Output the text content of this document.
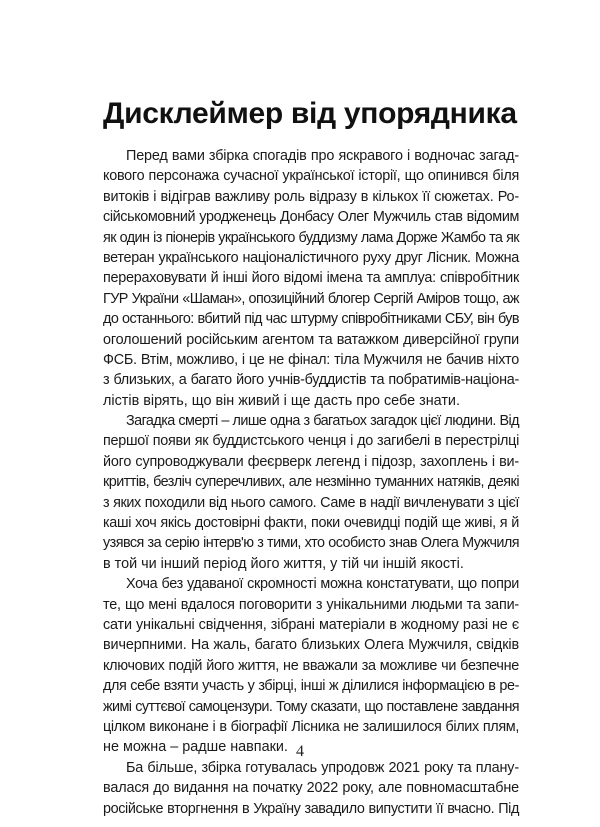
Дисклеймер від упорядника
Перед вами збірка спогадів про яскравого і водночас загад-
кового персонажа сучасної української історії, що опинився біля
витоків і відіграв важливу роль відразу в кількох її сюжетах. Ро-
сійськомовний уродженець Донбасу Олег Мужчиль став відомим
як один із піонерів українського буддизму лама Дорже Жамбо та як
ветеран українського націоналістичного руху друг Лісник. Можна
перераховувати й інші його відомі імена та амплуа: співробітник
ГУР України «Шаман», опозиційний блогер Сергій Аміров тощо, аж
до останнього: вбитий під час штурму співробітниками СБУ, він був
оголошений російським агентом та ватажком диверсійної групи
ФСБ. Втім, можливо, і це не фінал: тіла Мужчиля не бачив ніхто
з близьких, а багато його учнів-буддистів та побратимів-націона-
лістів вірять, що він живий і ще дасть про себе знати.
Загадка смерті – лише одна з багатьох загадок цієї людини. Від
першої появи як буддистського ченця і до загибелі в перестрілці
його супроводжували феєрверк легенд і підозр, захоплень і ви-
криттів, безліч суперечливих, але незмінно туманних натяків, деякі
з яких походили від нього самого. Саме в надії вичленувати з цієї
каші хоч якісь достовірні факти, поки очевидці подій ще живі, я й
узявся за серію інтерв'ю з тими, хто особисто знав Олега Мужчиля
в той чи інший період його життя, у тій чи іншій якості.
Хоча без удаваної скромності можна констатувати, що попри
те, що мені вдалося поговорити з унікальними людьми та запи-
сати унікальні свідчення, зібрані матеріали в жодному разі не є
вичерпними. На жаль, багато близьких Олега Мужчиля, свідків
ключових подій його життя, не вважали за можливе чи безпечне
для себе взяти участь у збірці, інші ж ділилися інформацією в ре-
жимі суттєвої самоцензури. Тому сказати, що поставлене завдання
цілком виконане і в біографії Лісника не залишилося білих плям,
не можна – радше навпаки.
Ба більше, збірка готувалась упродовж 2021 року та плану-
валася до видання на початку 2022 року, але повномасштабне
російське вторгнення в Україну завадило випустити її вчасно. Під
4
